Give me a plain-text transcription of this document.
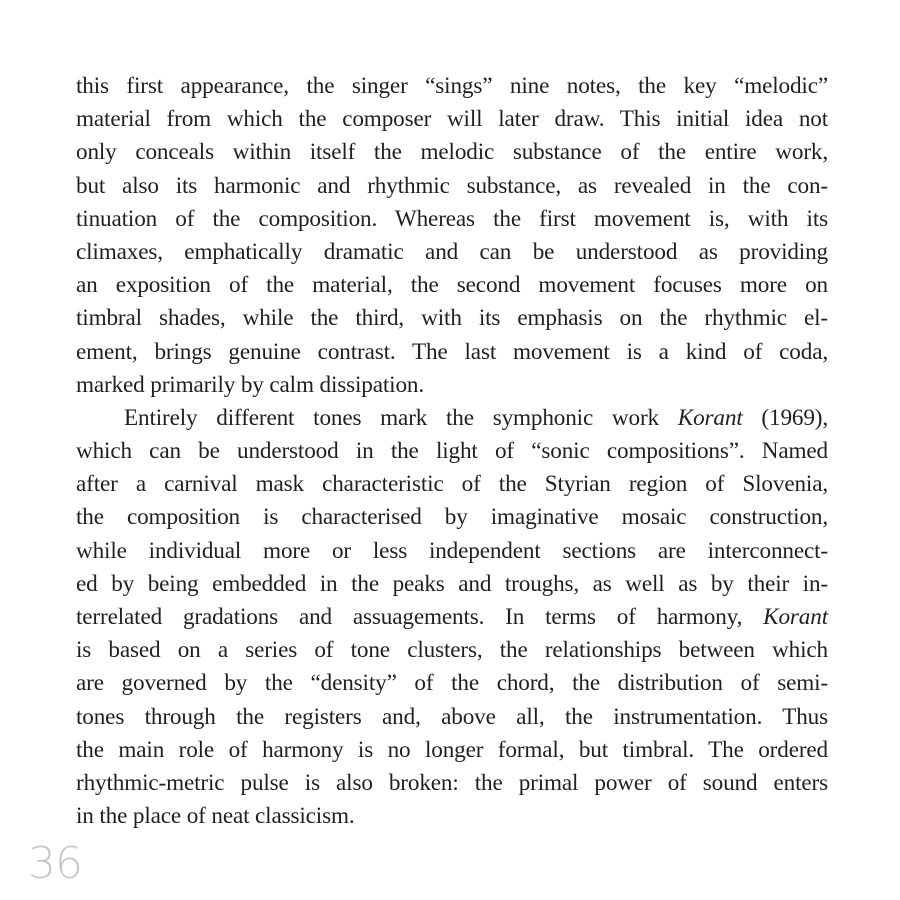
this first appearance, the singer “sings” nine notes, the key “melodic”
material from which the composer will later draw. This initial idea not
only conceals within itself the melodic substance of the entire work,
but also its harmonic and rhythmic substance, as revealed in the con-
tinuation of the composition. Whereas the first movement is, with its
climaxes, emphatically dramatic and can be understood as providing
an exposition of the material, the second movement focuses more on
timbral shades, while the third, with its emphasis on the rhythmic el-
ement, brings genuine contrast. The last movement is a kind of coda,
marked primarily by calm dissipation.
Entirely different tones mark the symphonic work Korant (1969),
which can be understood in the light of “sonic compositions”. Named
after a carnival mask characteristic of the Styrian region of Slovenia,
the composition is characterised by imaginative mosaic construction,
while individual more or less independent sections are interconnect-
ed by being embedded in the peaks and troughs, as well as by their in-
terrelated gradations and assuagements. In terms of harmony, Korant
is based on a series of tone clusters, the relationships between which
are governed by the “density” of the chord, the distribution of semi-
tones through the registers and, above all, the instrumentation. Thus
the main role of harmony is no longer formal, but timbral. The ordered
rhythmic-metric pulse is also broken: the primal power of sound enters
in the place of neat classicism.
36
